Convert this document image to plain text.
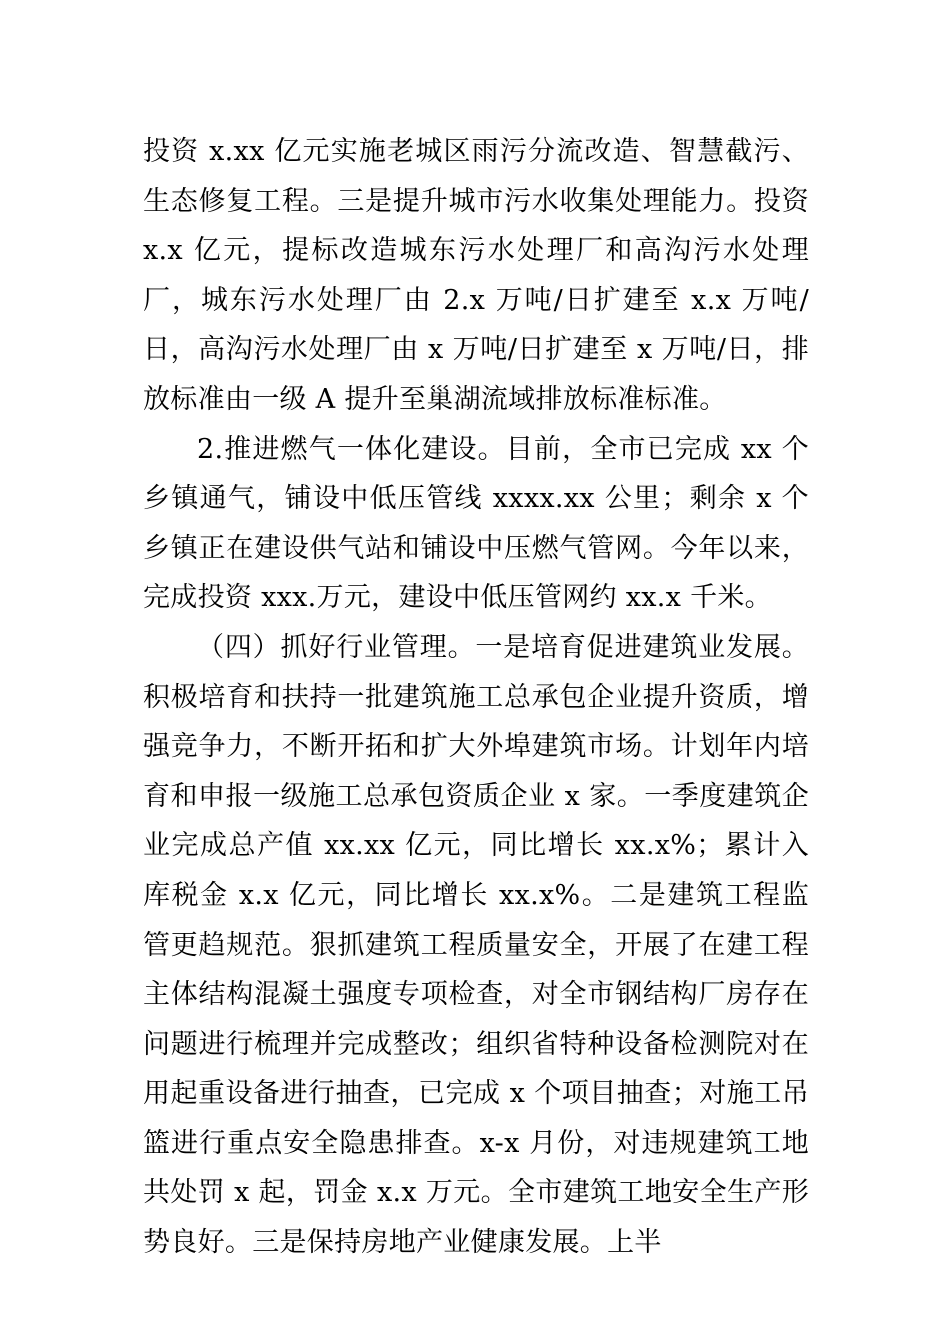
投资 x.xx 亿元实施老城区雨污分流改造、智慧截污、生态修复工程。三是提升城市污水收集处理能力。投资 x.x 亿元，提标改造城东污水处理厂和高沟污水处理厂，城东污水处理厂由 2.x 万吨/日扩建至 x.x 万吨/日，高沟污水处理厂由 x 万吨/日扩建至 x 万吨/日，排放标准由一级 A 提升至巢湖流域排放标准标准。

2.推进燃气一体化建设。目前，全市已完成 xx 个乡镇通气，铺设中低压管线 xxxx.xx 公里；剩余 x 个乡镇正在建设供气站和铺设中压燃气管网。今年以来，完成投资 xxx.万元，建设中低压管网约 xx.x 千米。

（四）抓好行业管理。一是培育促进建筑业发展。积极培育和扶持一批建筑施工总承包企业提升资质，增强竞争力，不断开拓和扩大外埠建筑市场。计划年内培育和申报一级施工总承包资质企业 x 家。一季度建筑企业完成总产值 xx.xx 亿元，同比增长 xx.x%；累计入库税金 x.x 亿元，同比增长 xx.x%。二是建筑工程监管更趋规范。狠抓建筑工程质量安全，开展了在建工程主体结构混凝土强度专项检查，对全市钢结构厂房存在问题进行梳理并完成整改；组织省特种设备检测院对在用起重设备进行抽查，已完成 x 个项目抽查；对施工吊篮进行重点安全隐患排查。x-x 月份，对违规建筑工地共处罚 x 起，罚金 x.x 万元。全市建筑工地安全生产形势良好。三是保持房地产业健康发展。上半
